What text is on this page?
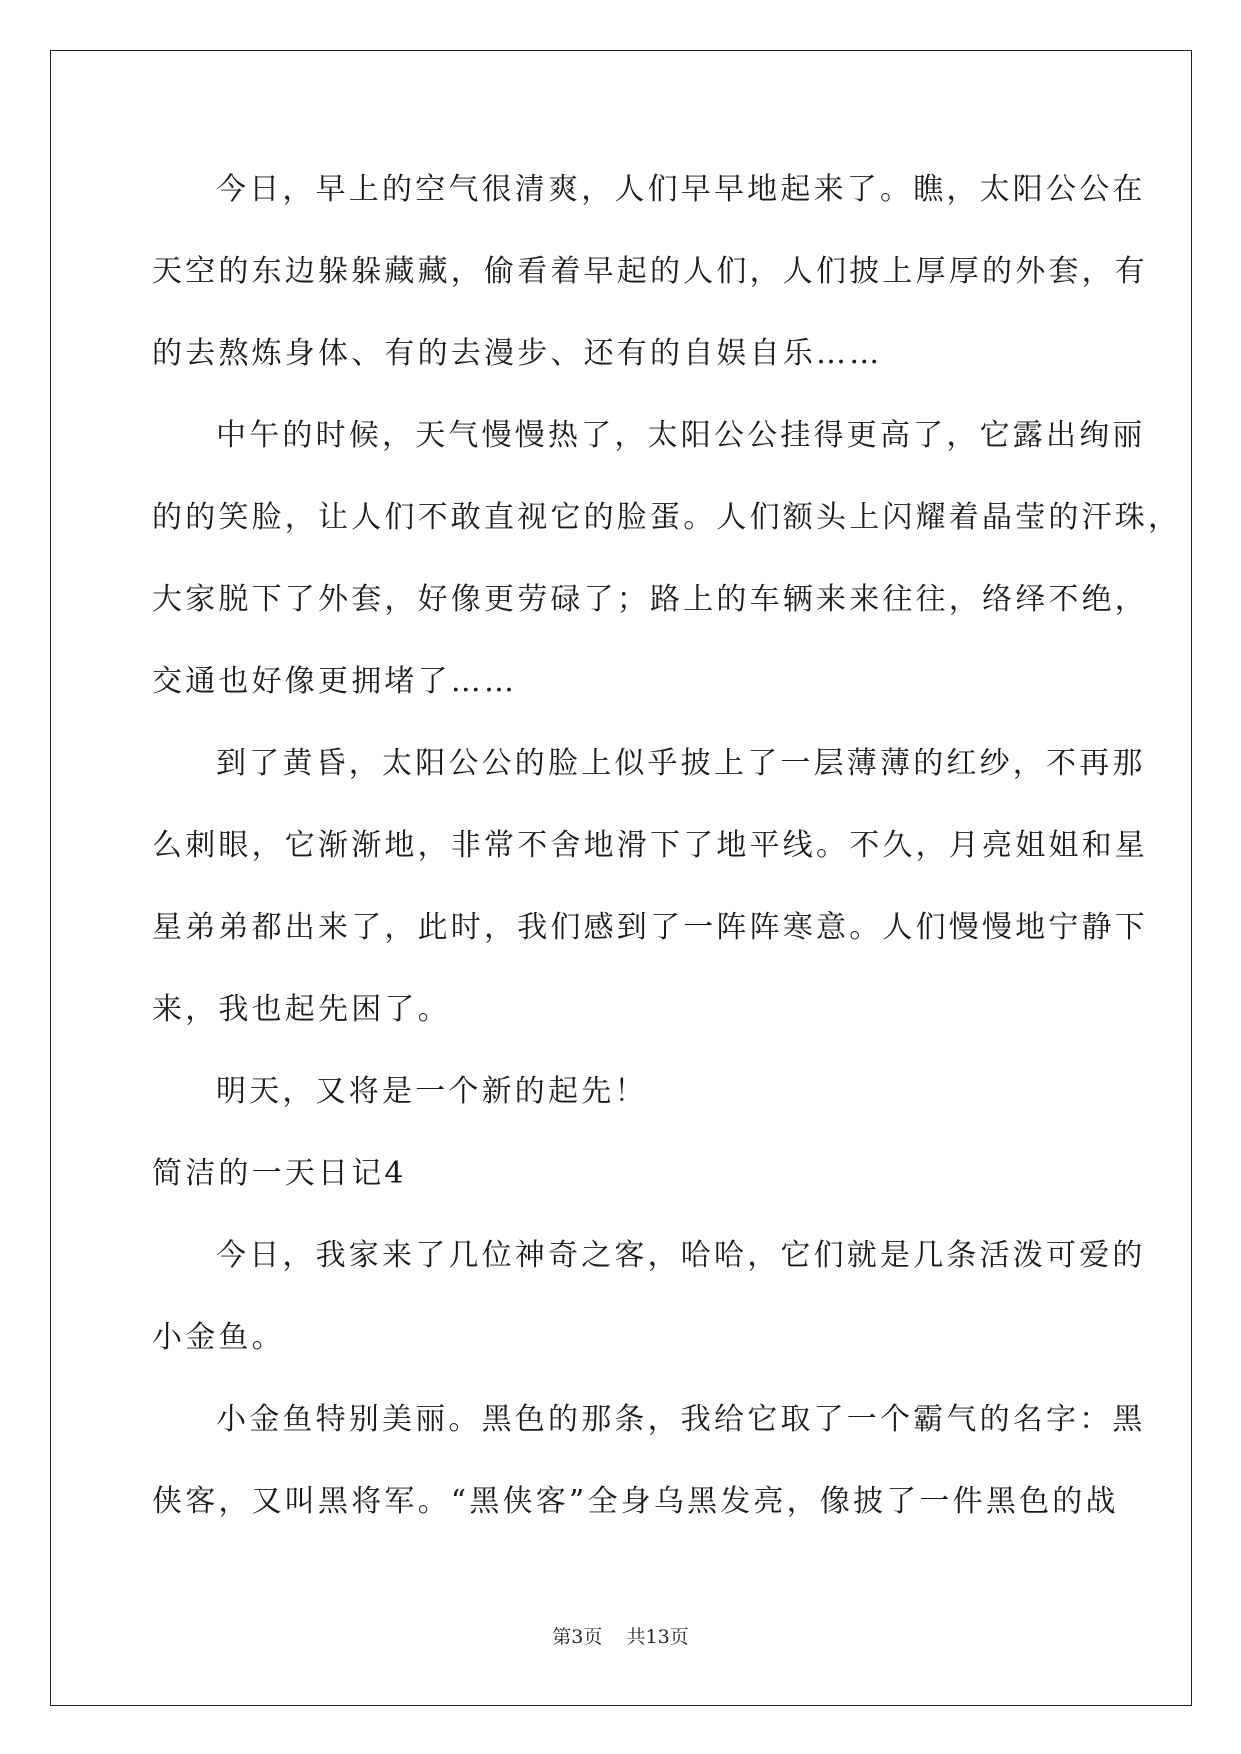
今日，早上的空气很清爽，人们早早地起来了。瞧，太阳公公在
天空的东边躲躲藏藏，偷看着早起的人们，人们披上厚厚的外套，有
的去熬炼身体、有的去漫步、还有的自娱自乐……
中午的时候，天气慢慢热了，太阳公公挂得更高了，它露出绚丽
的的笑脸，让人们不敢直视它的脸蛋。人们额头上闪耀着晶莹的汗珠，
大家脱下了外套，好像更劳碌了；路上的车辆来来往往，络绎不绝，
交通也好像更拥堵了……
到了黄昏，太阳公公的脸上似乎披上了一层薄薄的红纱，不再那
么刺眼，它渐渐地，非常不舍地滑下了地平线。不久，月亮姐姐和星
星弟弟都出来了，此时，我们感到了一阵阵寒意。人们慢慢地宁静下
来，我也起先困了。
明天，又将是一个新的起先！
简洁的一天日记4
今日，我家来了几位神奇之客，哈哈，它们就是几条活泼可爱的
小金鱼。
小金鱼特别美丽。黑色的那条，我给它取了一个霸气的名字：黑
侠客，又叫黑将军。“黑侠客”全身乌黑发亮，像披了一件黑色的战
第3页    共13页
